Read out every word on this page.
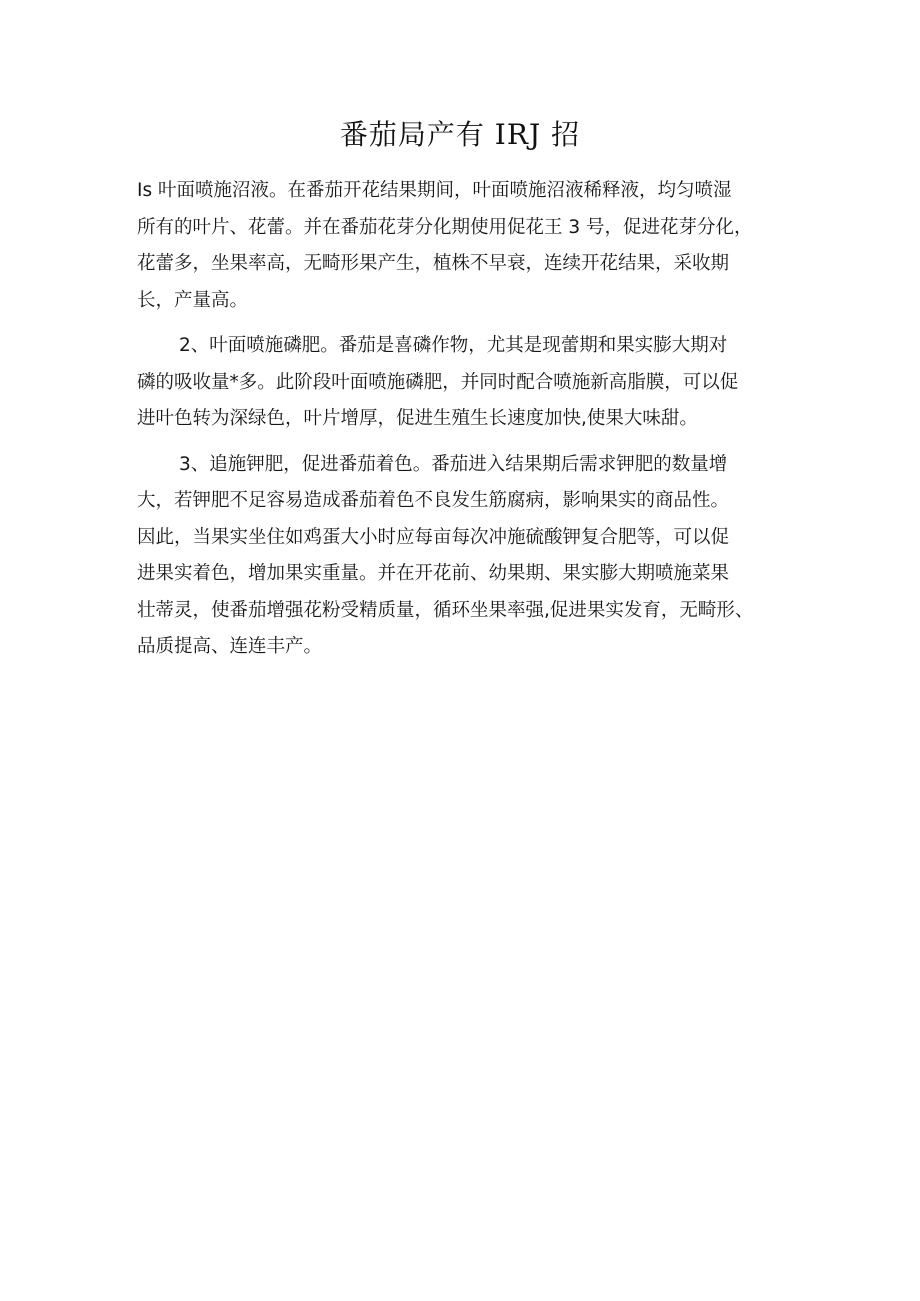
番茄局产有 IRJ 招
Is 叶面喷施沼液。在番茄开花结果期间，叶面喷施沼液稀释液，均匀喷湿
所有的叶片、花蕾。并在番茄花芽分化期使用促花王 3 号，促进花芽分化，
花蕾多，坐果率高，无畸形果产生，植株不早衰，连续开花结果，采收期
长，产量高。
2、叶面喷施磷肥。番茄是喜磷作物，尤其是现蕾期和果实膨大期对
磷的吸收量*多。此阶段叶面喷施磷肥，并同时配合喷施新高脂膜，可以促
进叶色转为深绿色，叶片增厚，促进生殖生长速度加快,使果大味甜。
3、追施钾肥，促进番茄着色。番茄进入结果期后需求钾肥的数量增
大，若钾肥不足容易造成番茄着色不良发生筋腐病，影响果实的商品性。
因此，当果实坐住如鸡蛋大小时应每亩每次冲施硫酸钾复合肥等，可以促
进果实着色，增加果实重量。并在开花前、幼果期、果实膨大期喷施菜果
壮蒂灵，使番茄增强花粉受精质量，循环坐果率强,促进果实发育，无畸形、
品质提高、连连丰产。
